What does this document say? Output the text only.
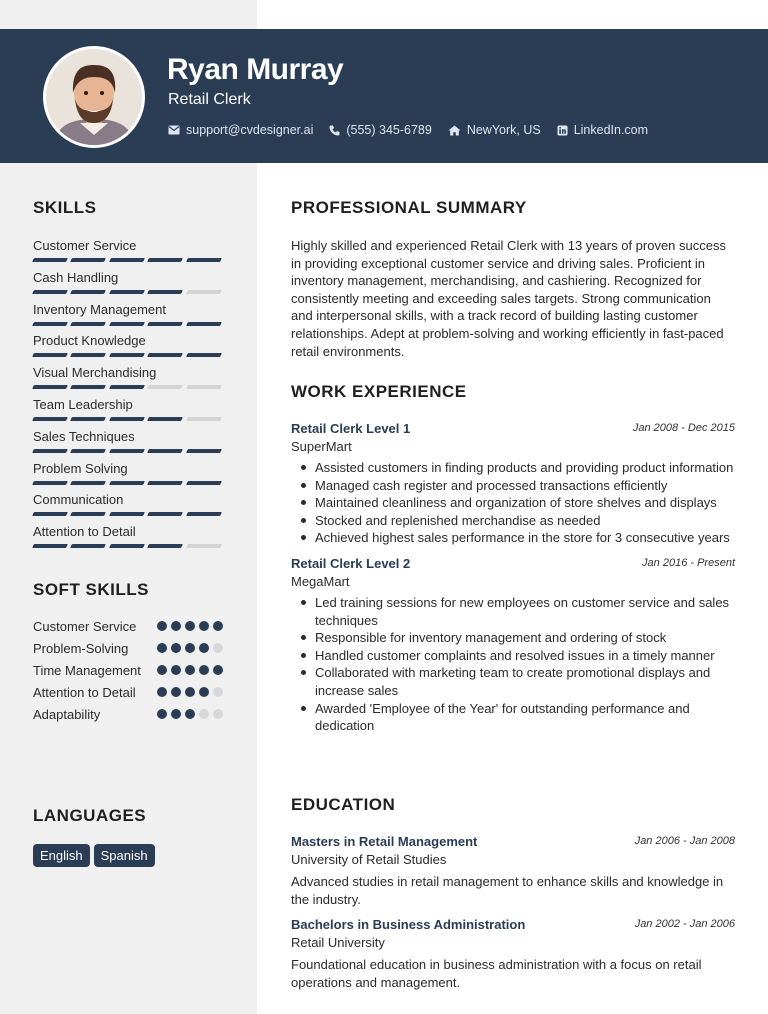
Ryan Murray
Retail Clerk
support@cvdesigner.ai	(555) 345-6789	NewYork, US	LinkedIn.com
SKILLS
Customer Service
Cash Handling
Inventory Management
Product Knowledge
Visual Merchandising
Team Leadership
Sales Techniques
Problem Solving
Communication
Attention to Detail
SOFT SKILLS
Customer Service
Problem-Solving
Time Management
Attention to Detail
Adaptability
LANGUAGES
English	Spanish
PROFESSIONAL SUMMARY
Highly skilled and experienced Retail Clerk with 13 years of proven success in providing exceptional customer service and driving sales. Proficient in inventory management, merchandising, and cashiering. Recognized for consistently meeting and exceeding sales targets. Strong communication and interpersonal skills, with a track record of building lasting customer relationships. Adept at problem-solving and working efficiently in fast-paced retail environments.
WORK EXPERIENCE
Retail Clerk Level 1	Jan 2008 - Dec 2015
SuperMart
Assisted customers in finding products and providing product information
Managed cash register and processed transactions efficiently
Maintained cleanliness and organization of store shelves and displays
Stocked and replenished merchandise as needed
Achieved highest sales performance in the store for 3 consecutive years
Retail Clerk Level 2	Jan 2016 - Present
MegaMart
Led training sessions for new employees on customer service and sales techniques
Responsible for inventory management and ordering of stock
Handled customer complaints and resolved issues in a timely manner
Collaborated with marketing team to create promotional displays and increase sales
Awarded 'Employee of the Year' for outstanding performance and dedication
EDUCATION
Masters in Retail Management	Jan 2006 - Jan 2008
University of Retail Studies
Advanced studies in retail management to enhance skills and knowledge in the industry.
Bachelors in Business Administration	Jan 2002 - Jan 2006
Retail University
Foundational education in business administration with a focus on retail operations and management.
